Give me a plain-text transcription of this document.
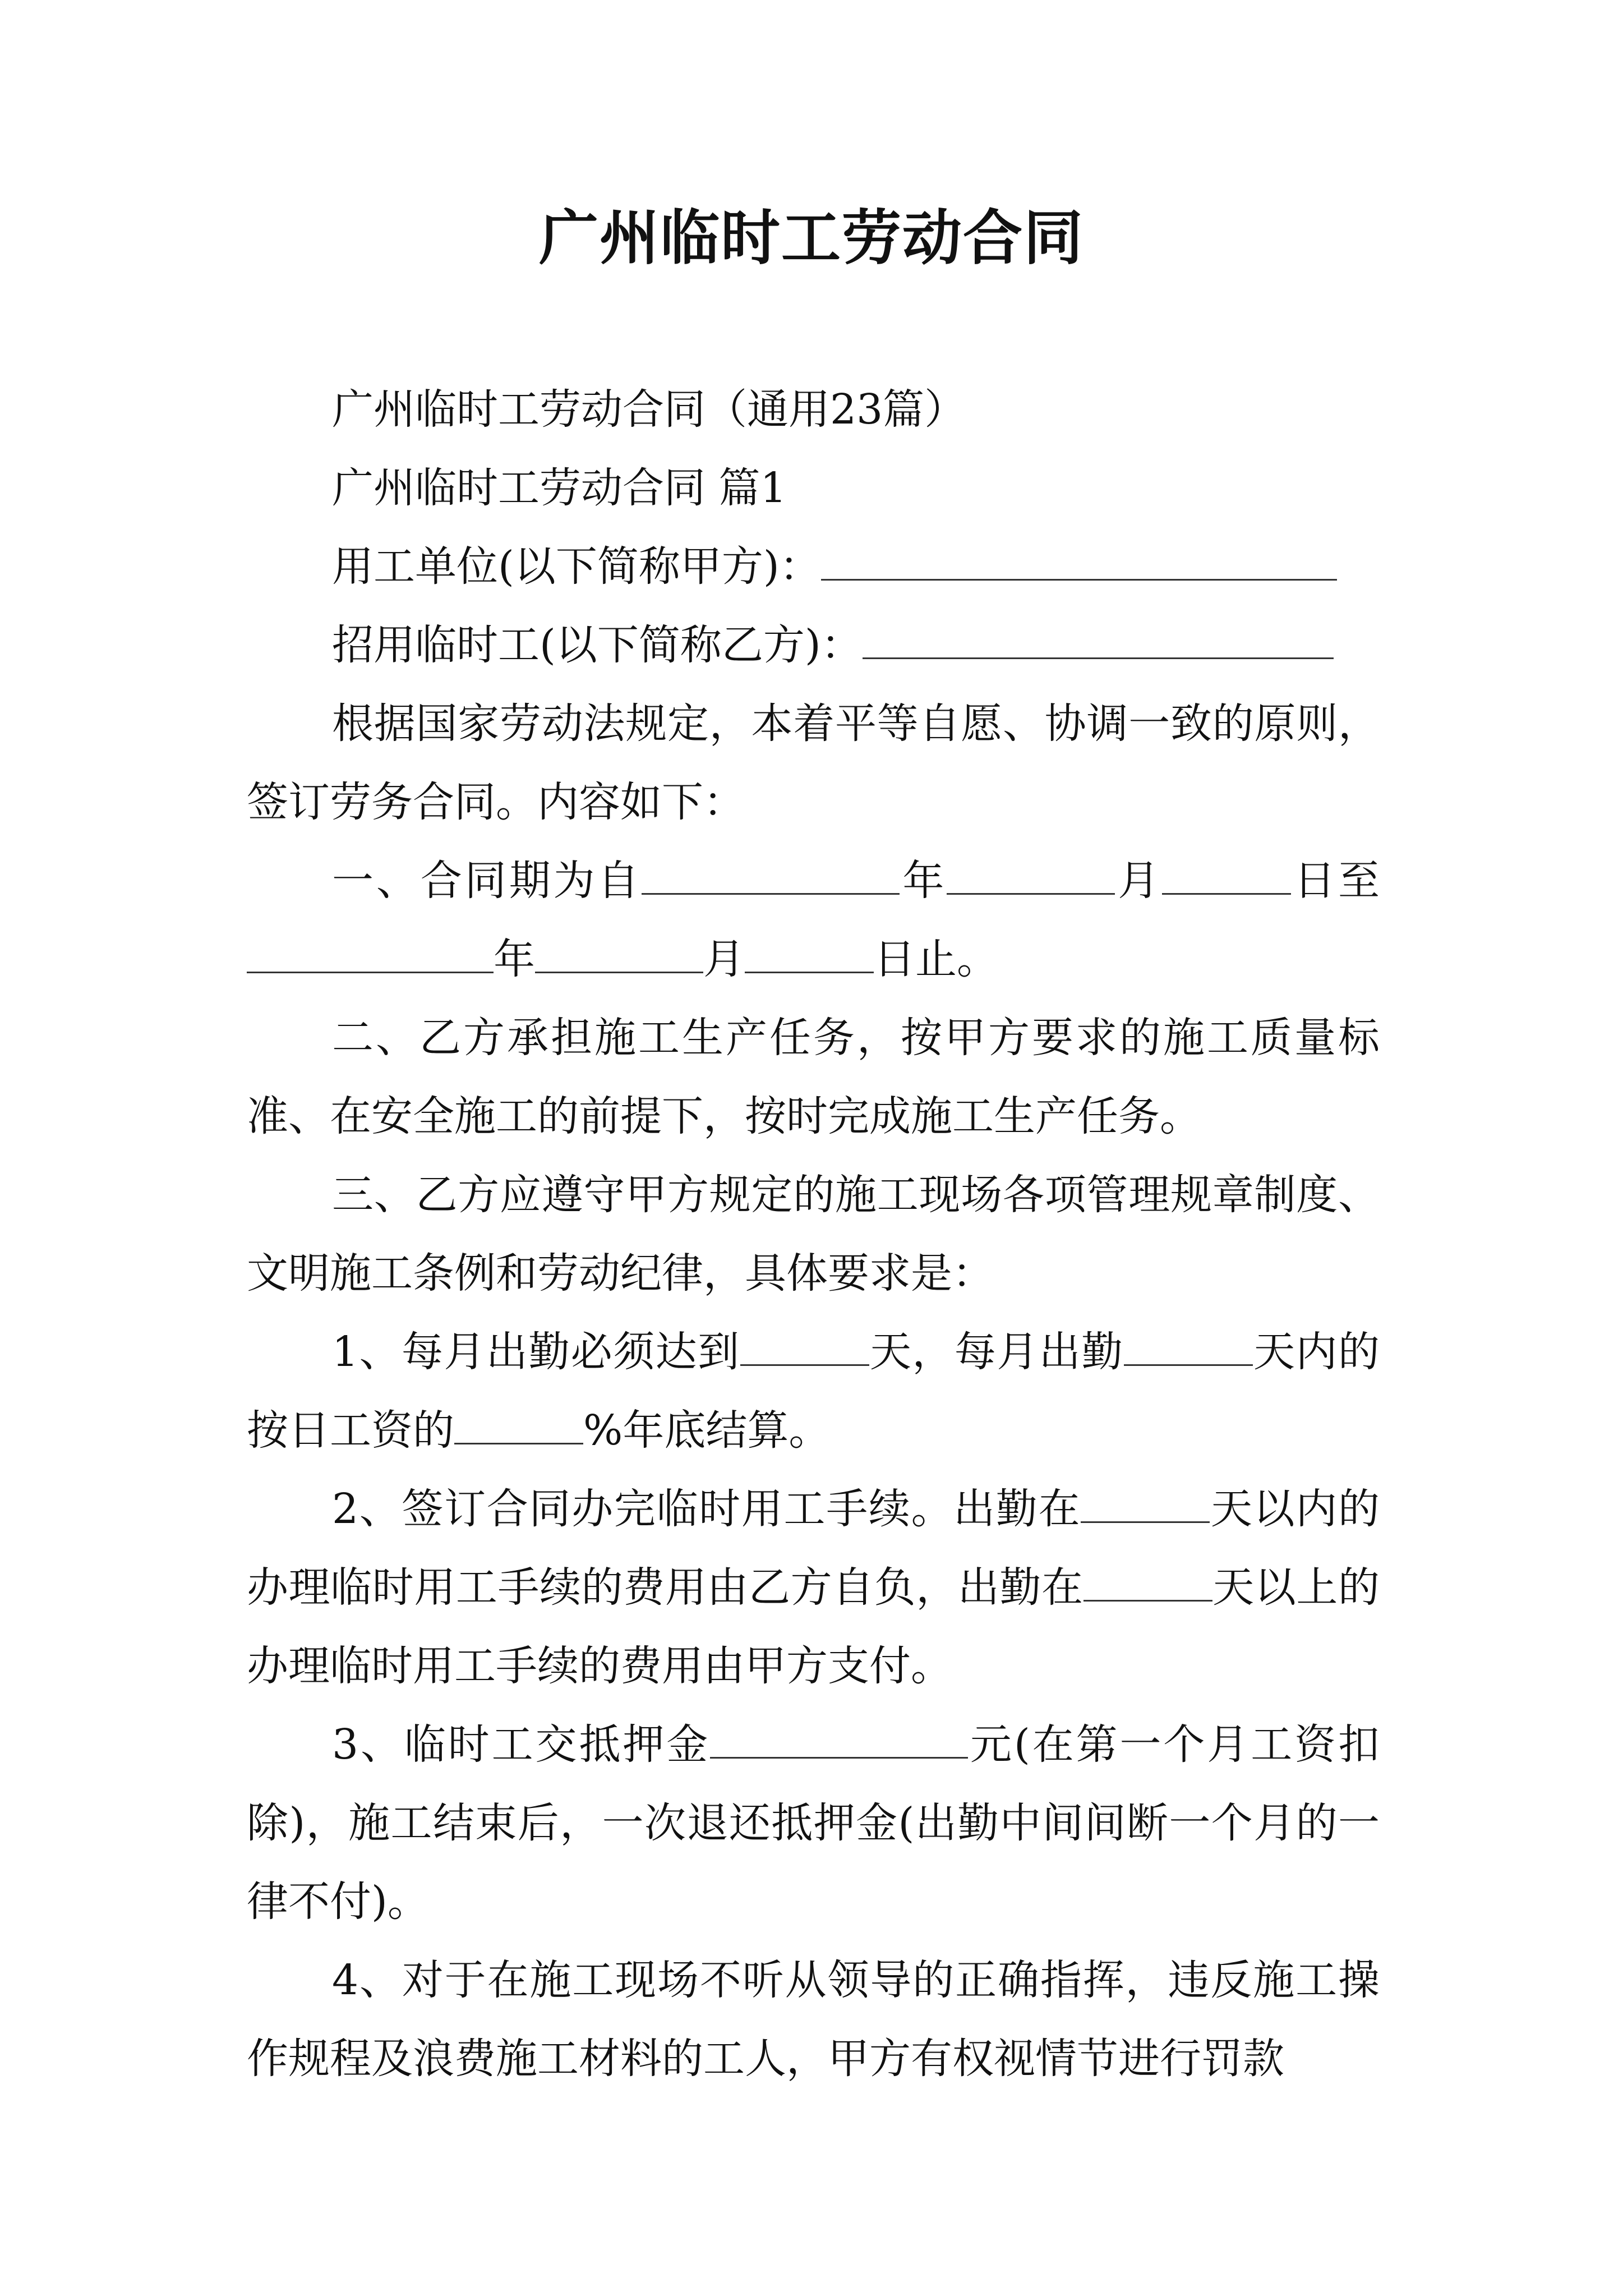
广州临时工劳动合同

广州临时工劳动合同（通用23篇）

广州临时工劳动合同 篇1

用工单位(以下简称甲方)：

招用临时工(以下简称乙方)：

根据国家劳动法规定，本着平等自愿、协调一致的原则，签订劳务合同。内容如下：

一、合同期为自	年	月	日至年	月	日止。

二、乙方承担施工生产任务，按甲方要求的施工质量标准、在安全施工的前提下，按时完成施工生产任务。

三、乙方应遵守甲方规定的施工现场各项管理规章制度、文明施工条例和劳动纪律，具体要求是：

1、每月出勤必须达到	天，每月出勤	天内的按日工资的	%年底结算。

2、签订合同办完临时用工手续。出勤在	天以内的办理临时用工手续的费用由乙方自负，出勤在	天以上的办理临时用工手续的费用由甲方支付。

3、临时工交抵押金	元(在第一个月工资扣除)，施工结束后，一次退还抵押金(出勤中间间断一个月的一律不付)。

4、对于在施工现场不听从领导的正确指挥，违反施工操作规程及浪费施工材料的工人，甲方有权视情节进行罚款
